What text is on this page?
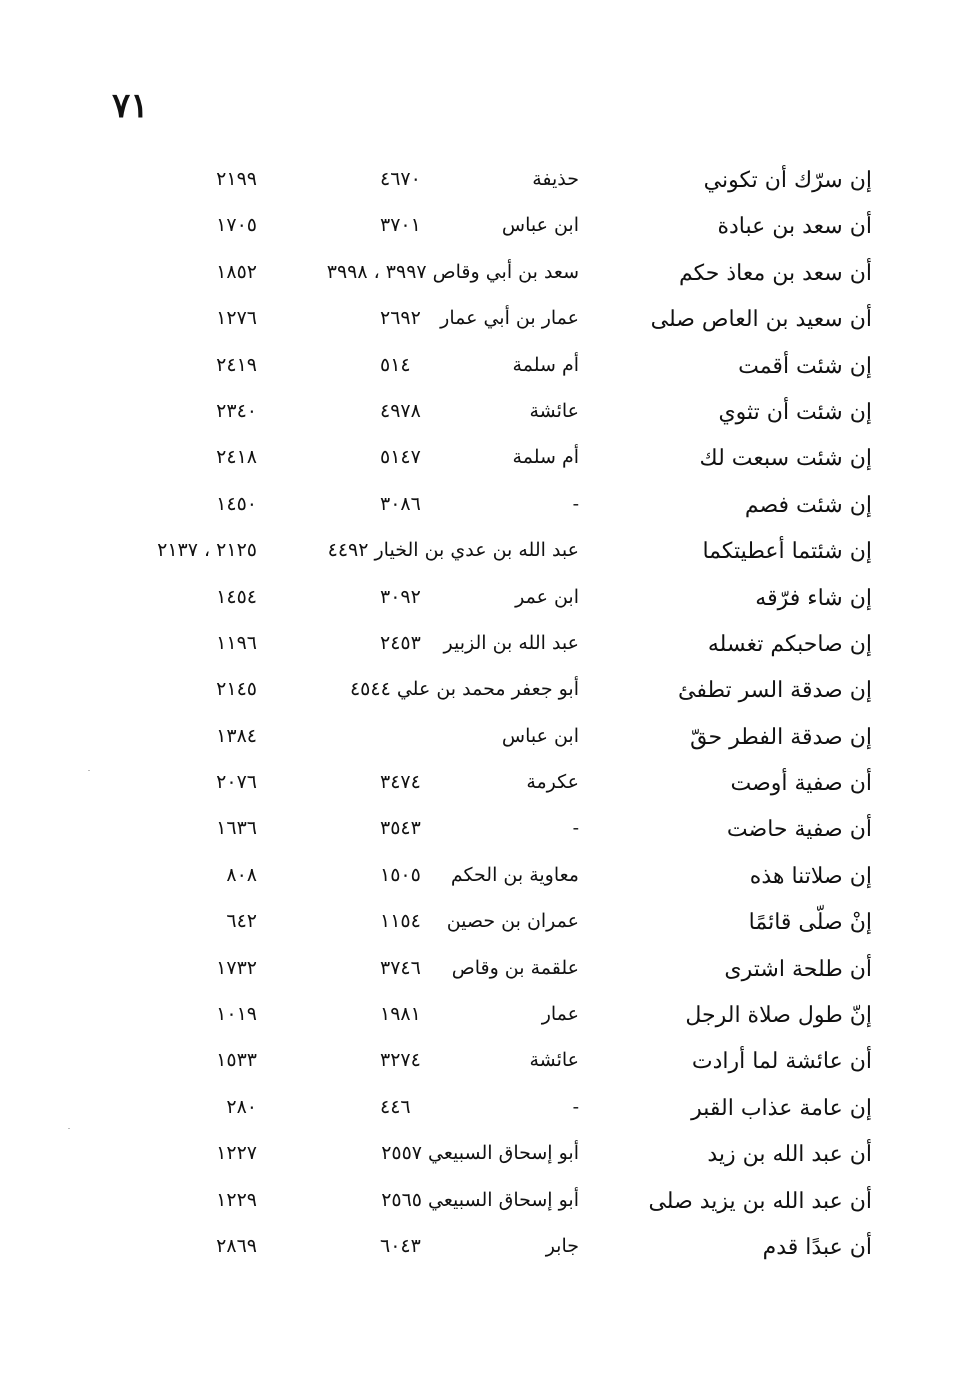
٧١
إن سرّك أن تكوني
حذيفة
٤٦٧٠
٢١٩٩
أن سعد بن عبادة
ابن عباس
٣٧٠١
١٧٠٥
أن سعد بن معاذ حكم
سعد بن أبي وقاص ٣٩٩٧ ، ٣٩٩٨
١٨٥٢
أن سعيد بن العاص صلى
عمار بن أبي عمار
٢٦٩٢
١٢٧٦
إن شئت أقمت
أم سلمة
٥١٤
٢٤١٩
إن شئت أن تثوي
عائشة
٤٩٧٨
٢٣٤٠
إن شئت سبعت لك
أم سلمة
٥١٤٧
٢٤١٨
إن شئت فصم
-
٣٠٨٦
١٤٥٠
إن شئتما أعطيتكما
عبد الله بن عدي بن الخيار ٤٤٩٢
٢١٢٥ ، ٢١٣٧
إن شاء فرّقه
ابن عمر
٣٠٩٢
١٤٥٤
إن صاحبكم تغسله
عبد الله بن الزبير
٢٤٥٣
١١٩٦
إن صدقة السر تطفئ
أبو جعفر محمد بن علي ٤٥٤٤
٢١٤٥
إن صدقة الفطر حقّ
ابن عباس
١٣٨٤
أن صفية أوصت
عكرمة
٣٤٧٤
٢٠٧٦
أن صفية حاضت
-
٣٥٤٣
١٦٣٦
إن صلاتنا هذه
معاوية بن الحكم
١٥٠٥
٨٠٨
إنْ صلّى قائمًا
عمران بن حصين
١١٥٤
٦٤٢
أن طلحة اشترى
علقمة بن وقاص
٣٧٤٦
١٧٣٢
إنّ طول صلاة الرجل
عمار
١٩٨١
١٠١٩
أن عائشة لما أرادت
عائشة
٣٢٧٤
١٥٣٣
إن عامة عذاب القبر
-
٤٤٦
٢٨٠
أن عبد الله بن زيد
أبو إسحاق السبيعي ٢٥٥٧
١٢٢٧
أن عبد الله بن يزيد صلى
أبو إسحاق السبيعي ٢٥٦٥
١٢٢٩
أن عبدًا قدم
جابر
٦٠٤٣
٢٨٦٩
